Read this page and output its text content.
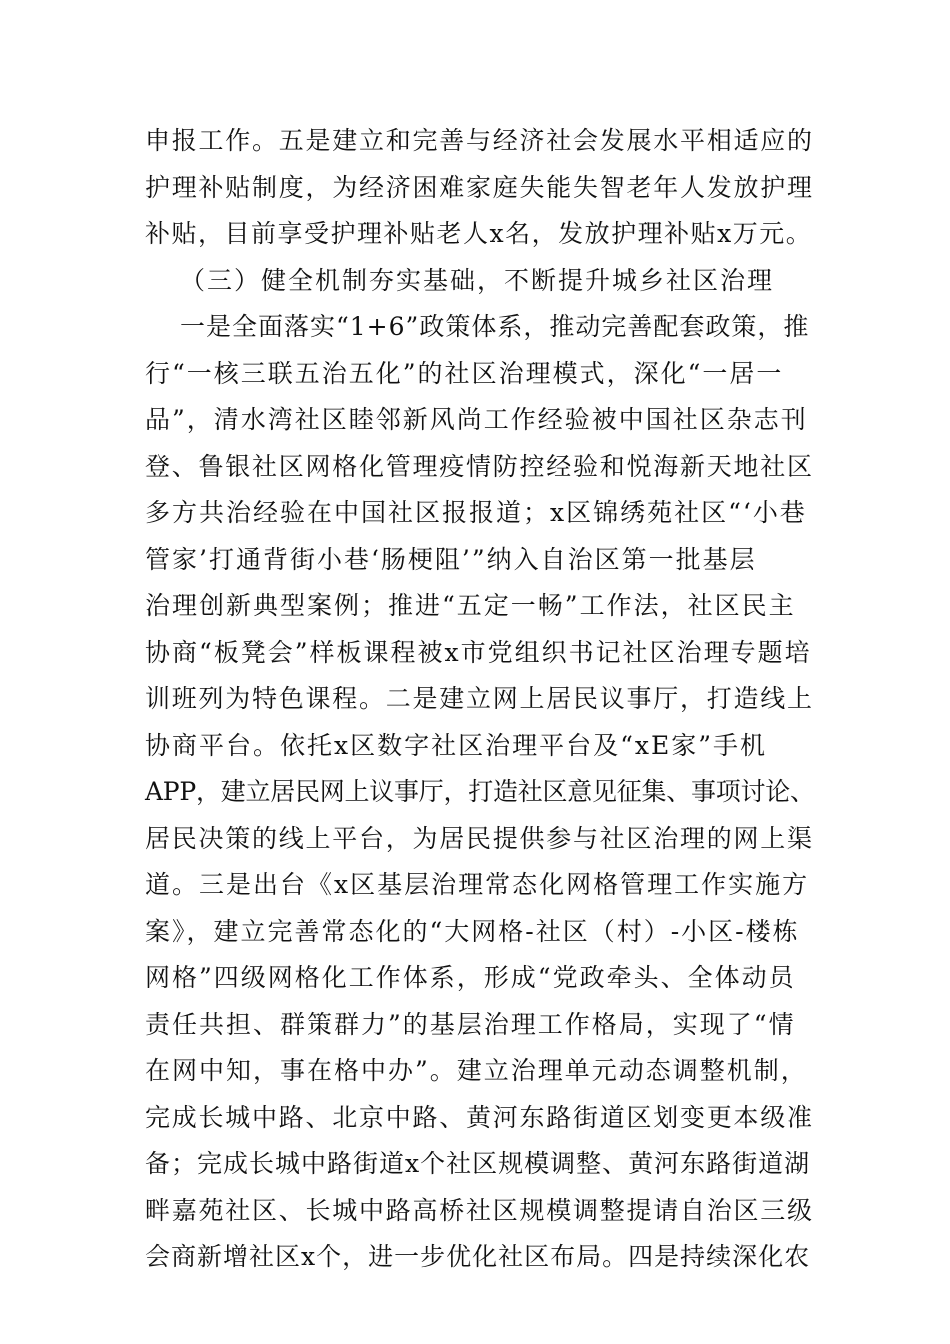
申报工作。五是建立和完善与经济社会发展水平相适应的
护理补贴制度，为经济困难家庭失能失智老年人发放护理
补贴，目前享受护理补贴老人x名，发放护理补贴x万元。
（三）健全机制夯实基础，不断提升城乡社区治理
一是全面落实“1+6”政策体系，推动完善配套政策，推
行“一核三联五治五化”的社区治理模式，深化“一居一
品”，清水湾社区睦邻新风尚工作经验被中国社区杂志刊
登、鲁银社区网格化管理疫情防控经验和悦海新天地社区
多方共治经验在中国社区报报道；x区锦绣苑社区“‘小巷
管家’打通背街小巷‘肠梗阻’”纳入自治区第一批基层
治理创新典型案例；推进“五定一畅”工作法，社区民主
协商“板凳会”样板课程被x市党组织书记社区治理专题培
训班列为特色课程。二是建立网上居民议事厅，打造线上
协商平台。依托x区数字社区治理平台及“xE家”手机
APP，建立居民网上议事厅，打造社区意见征集、事项讨论、
居民决策的线上平台，为居民提供参与社区治理的网上渠
道。三是出台《x区基层治理常态化网格管理工作实施方
案》，建立完善常态化的“大网格-社区（村）-小区-楼栋
网格”四级网格化工作体系，形成“党政牵头、全体动员
责任共担、群策群力”的基层治理工作格局，实现了“情
在网中知，事在格中办”。建立治理单元动态调整机制，
完成长城中路、北京中路、黄河东路街道区划变更本级准
备；完成长城中路街道x个社区规模调整、黄河东路街道湖
畔嘉苑社区、长城中路高桥社区规模调整提请自治区三级
会商新增社区x个，进一步优化社区布局。四是持续深化农
